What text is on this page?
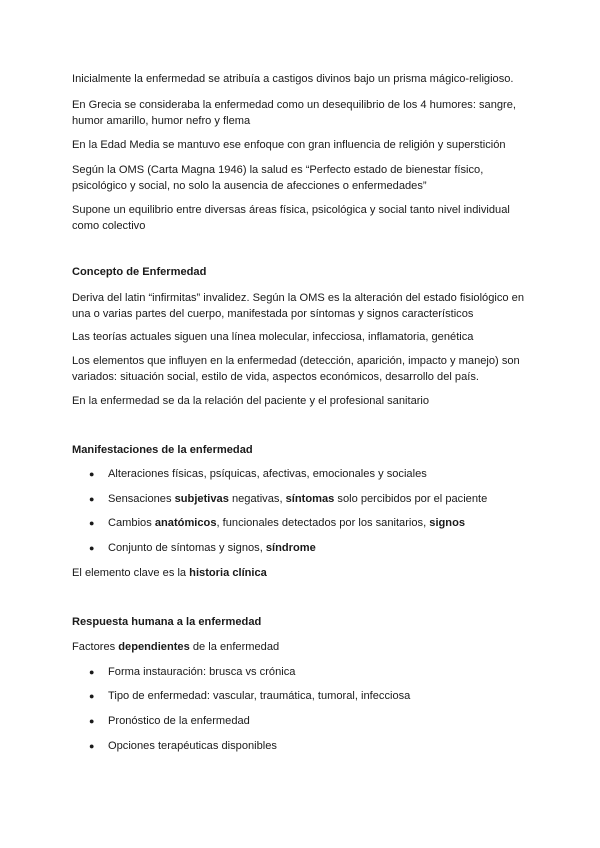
Inicialmente la enfermedad se atribuía a castigos divinos bajo un prisma mágico-religioso.

En Grecia se consideraba la enfermedad como un desequilibrio de los 4 humores: sangre, humor amarillo, humor nefro y flema

En la Edad Media se mantuvo ese enfoque con gran influencia de religión y superstición

Según la OMS (Carta Magna 1946) la salud es “Perfecto estado de bienestar físico, psicológico y social, no solo la ausencia de afecciones o enfermedades”

Supone un equilibrio entre diversas áreas física, psicológica y social tanto nivel individual como colectivo

Concepto de Enfermedad

Deriva del latin “infirmitas” invalidez. Según la OMS es la alteración del estado fisiológico en una o varias partes del cuerpo, manifestada por síntomas y signos característicos

Las teorías actuales siguen una línea molecular, infecciosa, inflamatoria, genética

Los elementos que influyen en la enfermedad (detección, aparición, impacto y manejo) son variados: situación social, estilo de vida, aspectos económicos, desarrollo del país.

En la enfermedad se da la relación del paciente y el profesional sanitario

Manifestaciones de la enfermedad

● Alteraciones físicas, psíquicas, afectivas, emocionales y sociales

● Sensaciones subjetivas negativas, síntomas solo percibidos por el paciente

● Cambios anatómicos, funcionales detectados por los sanitarios, signos

● Conjunto de síntomas y signos, síndrome

El elemento clave es la historia clínica

Respuesta humana a la enfermedad

Factores dependientes de la enfermedad

● Forma instauración: brusca vs crónica

● Tipo de enfermedad: vascular, traumática, tumoral, infecciosa

● Pronóstico de la enfermedad

● Opciones terapéuticas disponibles
